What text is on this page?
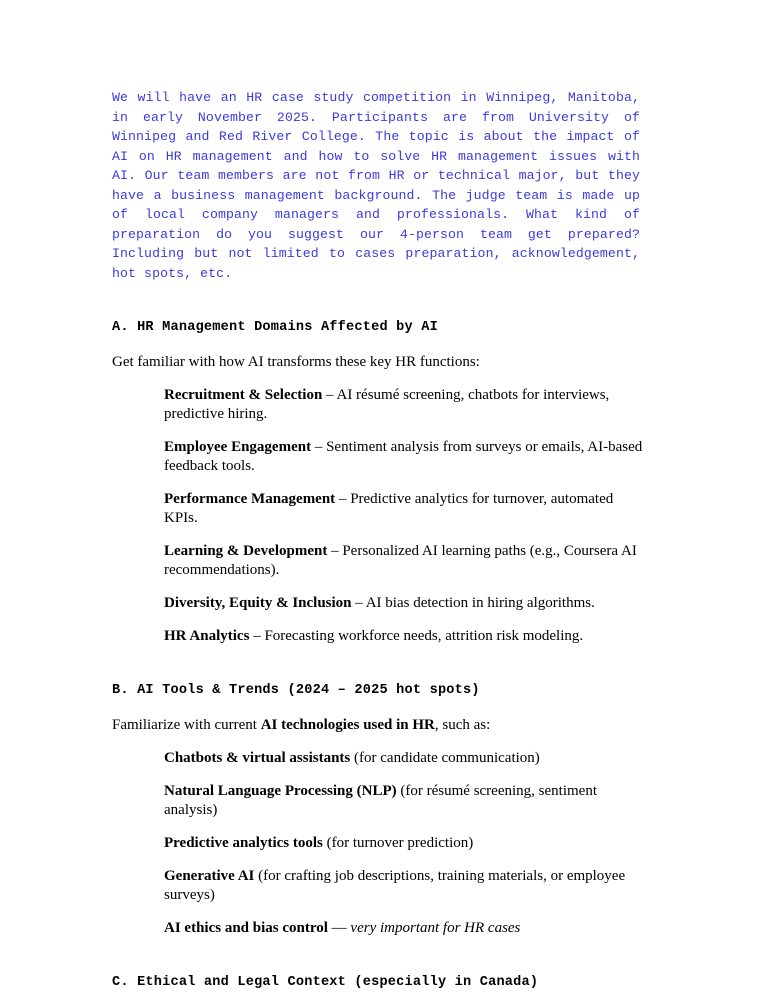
We will have an HR case study competition in Winnipeg, Manitoba, in early November 2025. Participants are from University of Winnipeg and Red River College. The topic is about the impact of AI on HR management and how to solve HR management issues with AI. Our team members are not from HR or technical major, but they have a business management background. The judge team is made up of local company managers and professionals. What kind of preparation do you suggest our 4-person team get prepared? Including but not limited to cases preparation, acknowledgement, hot spots, etc.

A. HR Management Domains Affected by AI

Get familiar with how AI transforms these key HR functions:

Recruitment & Selection – AI résumé screening, chatbots for interviews, predictive hiring.

Employee Engagement – Sentiment analysis from surveys or emails, AI-based feedback tools.

Performance Management – Predictive analytics for turnover, automated KPIs.

Learning & Development – Personalized AI learning paths (e.g., Coursera AI recommendations).

Diversity, Equity & Inclusion – AI bias detection in hiring algorithms.

HR Analytics – Forecasting workforce needs, attrition risk modeling.

B. AI Tools & Trends (2024 – 2025 hot spots)

Familiarize with current AI technologies used in HR, such as:

Chatbots & virtual assistants (for candidate communication)

Natural Language Processing (NLP) (for résumé screening, sentiment analysis)

Predictive analytics tools (for turnover prediction)

Generative AI (for crafting job descriptions, training materials, or employee surveys)

AI ethics and bias control — very important for HR cases

C. Ethical and Legal Context (especially in Canada)
